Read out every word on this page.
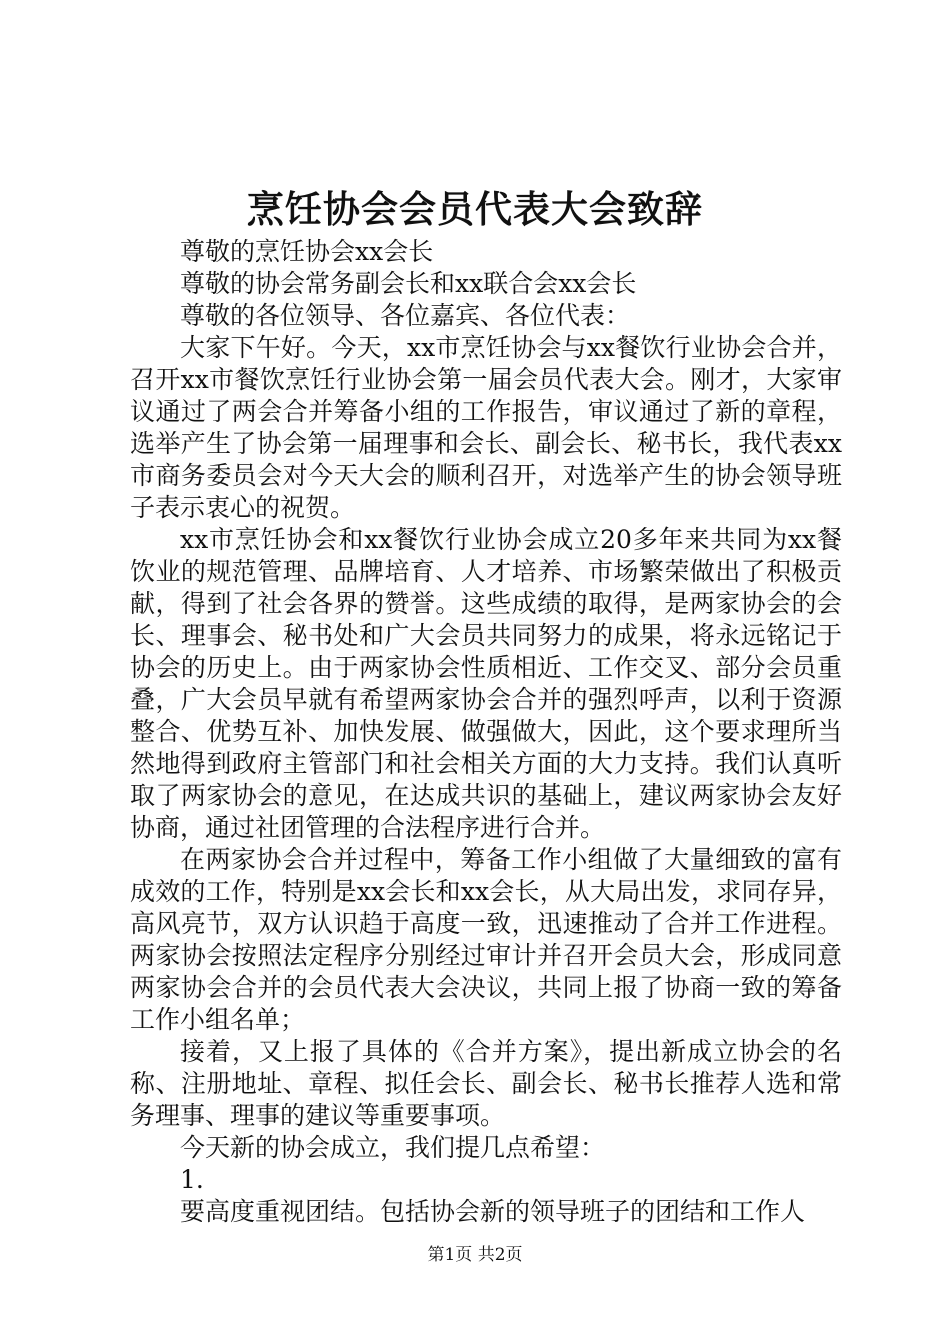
烹饪协会会员代表大会致辞

尊敬的烹饪协会xx会长

尊敬的协会常务副会长和xx联合会xx会长

尊敬的各位领导、各位嘉宾、各位代表：

大家下午好。今天，xx市烹饪协会与xx餐饮行业协会合并，召开xx市餐饮烹饪行业协会第一届会员代表大会。刚才，大家审议通过了两会合并筹备小组的工作报告，审议通过了新的章程，选举产生了协会第一届理事和会长、副会长、秘书长，我代表xx市商务委员会对今天大会的顺利召开，对选举产生的协会领导班子表示衷心的祝贺。

xx市烹饪协会和xx餐饮行业协会成立20多年来共同为xx餐饮业的规范管理、品牌培育、人才培养、市场繁荣做出了积极贡献，得到了社会各界的赞誉。这些成绩的取得，是两家协会的会长、理事会、秘书处和广大会员共同努力的成果，将永远铭记于协会的历史上。由于两家协会性质相近、工作交叉、部分会员重叠，广大会员早就有希望两家协会合并的强烈呼声，以利于资源整合、优势互补、加快发展、做强做大，因此，这个要求理所当然地得到政府主管部门和社会相关方面的大力支持。我们认真听取了两家协会的意见，在达成共识的基础上，建议两家协会友好协商，通过社团管理的合法程序进行合并。

在两家协会合并过程中，筹备工作小组做了大量细致的富有成效的工作，特别是xx会长和xx会长，从大局出发，求同存异，高风亮节，双方认识趋于高度一致，迅速推动了合并工作进程。两家协会按照法定程序分别经过审计并召开会员大会，形成同意两家协会合并的会员代表大会决议，共同上报了协商一致的筹备工作小组名单；

接着，又上报了具体的《合并方案》，提出新成立协会的名称、注册地址、章程、拟任会长、副会长、秘书长推荐人选和常务理事、理事的建议等重要事项。

今天新的协会成立，我们提几点希望：

1.

要高度重视团结。包括协会新的领导班子的团结和工作人

第1页 共2页
